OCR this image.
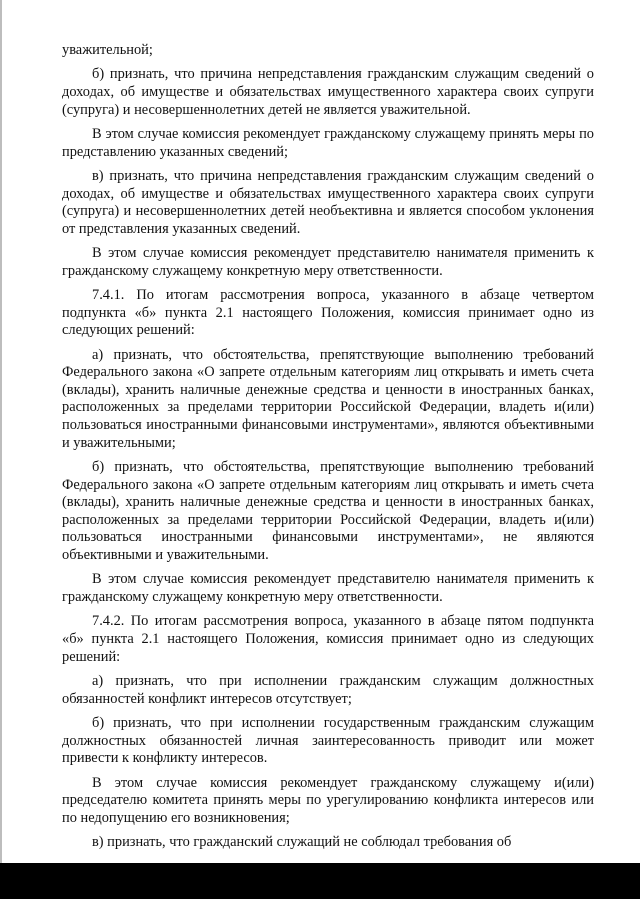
уважительной;

б) признать, что причина непредставления гражданским служащим сведений о доходах, об имуществе и обязательствах имущественного характера своих супруги (супруга) и несовершеннолетних детей не является уважительной.

В этом случае комиссия рекомендует гражданскому служащему принять меры по представлению указанных сведений;

в) признать, что причина непредставления гражданским служащим сведений о доходах, об имуществе и обязательствах имущественного характера своих супруги (супруга) и несовершеннолетних детей необъективна и является способом уклонения от представления указанных сведений.

В этом случае комиссия рекомендует представителю нанимателя применить к гражданскому служащему конкретную меру ответственности.

7.4.1. По итогам рассмотрения вопроса, указанного в абзаце четвертом подпункта «б» пункта 2.1 настоящего Положения, комиссия принимает одно из следующих решений:

а) признать, что обстоятельства, препятствующие выполнению требований Федерального закона «О запрете отдельным категориям лиц открывать и иметь счета (вклады), хранить наличные денежные средства и ценности в иностранных банках, расположенных за пределами территории Российской Федерации, владеть и(или) пользоваться иностранными финансовыми инструментами», являются объективными и уважительными;

б) признать, что обстоятельства, препятствующие выполнению требований Федерального закона «О запрете отдельным категориям лиц открывать и иметь счета (вклады), хранить наличные денежные средства и ценности в иностранных банках, расположенных за пределами территории Российской Федерации, владеть и(или) пользоваться иностранными финансовыми инструментами», не являются объективными и уважительными.

В этом случае комиссия рекомендует представителю нанимателя применить к гражданскому служащему конкретную меру ответственности.

7.4.2. По итогам рассмотрения вопроса, указанного в абзаце пятом подпункта «б» пункта 2.1 настоящего Положения, комиссия принимает одно из следующих решений:

а) признать, что при исполнении гражданским служащим должностных обязанностей конфликт интересов отсутствует;

б) признать, что при исполнении государственным гражданским служащим должностных обязанностей личная заинтересованность приводит или может привести к конфликту интересов.

В этом случае комиссия рекомендует гражданскому служащему и(или) председателю комитета принять меры по урегулированию конфликта интересов или по недопущению его возникновения;

в) признать, что гражданский служащий не соблюдал требования об
